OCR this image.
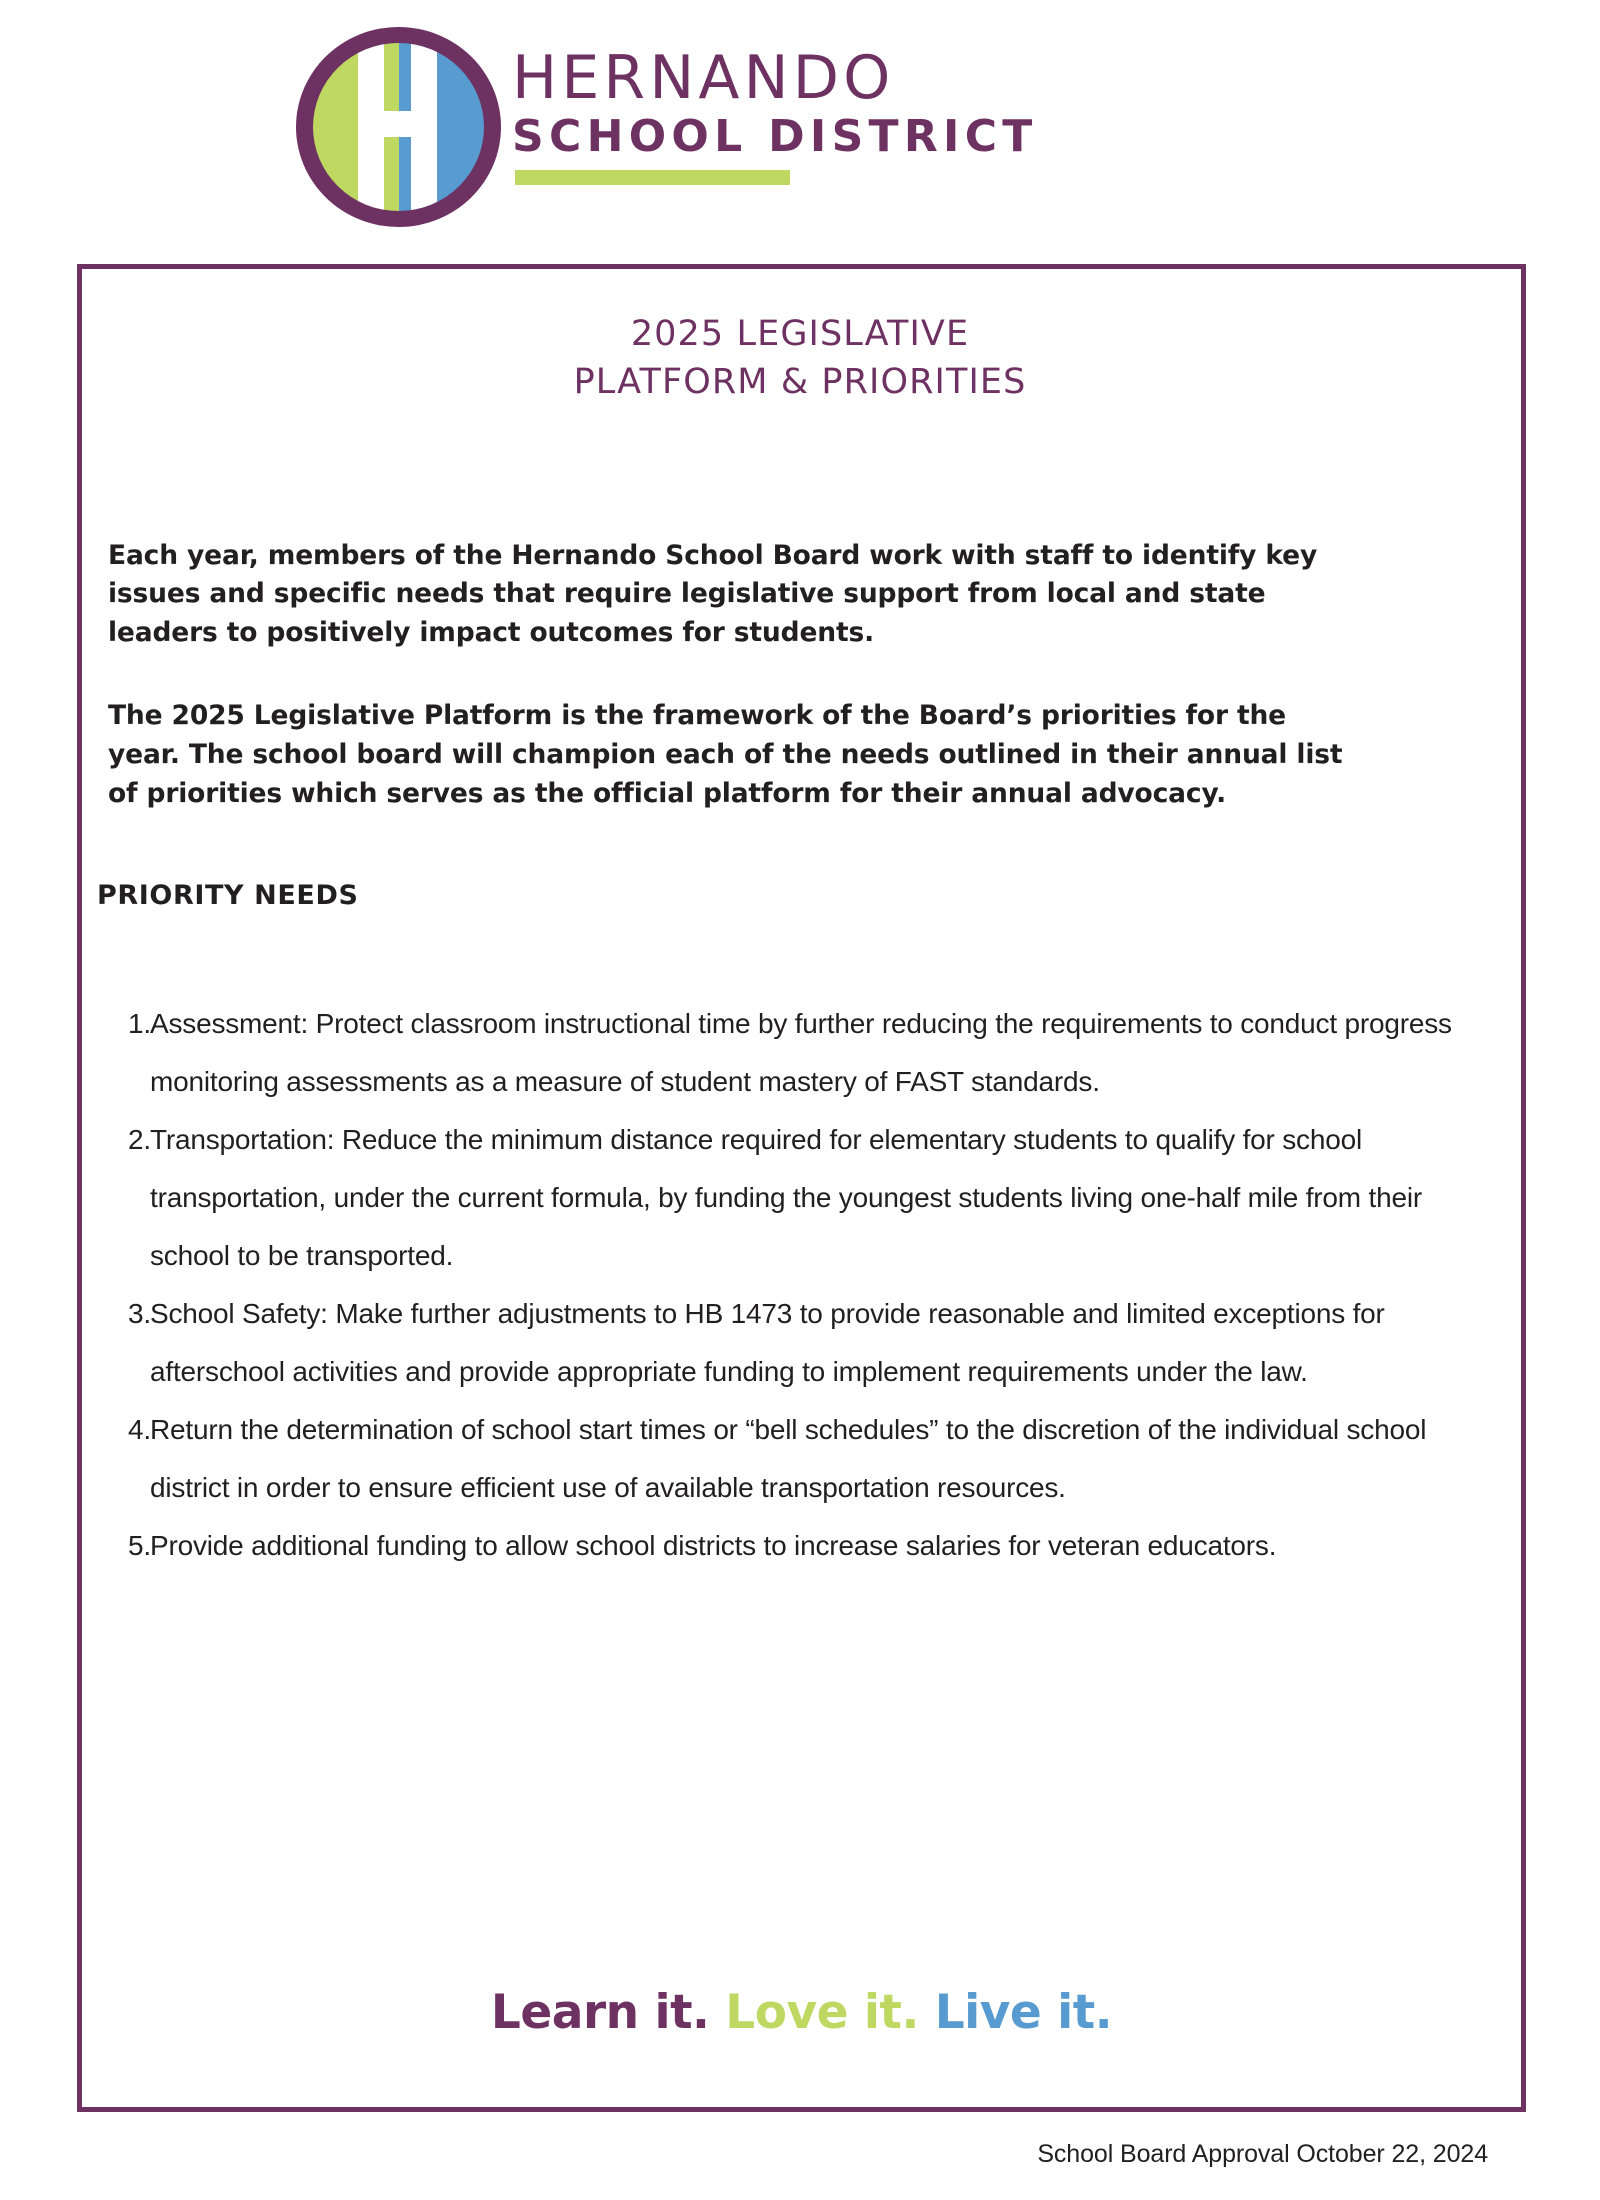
HERNANDO
SCHOOL DISTRICT
2025 LEGISLATIVE
PLATFORM & PRIORITIES

Each year, members of the Hernando School Board work with staff to identify key issues and specific needs that require legislative support from local and state leaders to positively impact outcomes for students.

The 2025 Legislative Platform is the framework of the Board’s priorities for the year. The school board will champion each of the needs outlined in their annual list of priorities which serves as the official platform for their annual advocacy.

PRIORITY NEEDS
1. Assessment: Protect classroom instructional time by further reducing the requirements to conduct progress monitoring assessments as a measure of student mastery of FAST standards.
2. Transportation: Reduce the minimum distance required for elementary students to qualify for school transportation, under the current formula, by funding the youngest students living one-half mile from their school to be transported.
3. School Safety: Make further adjustments to HB 1473 to provide reasonable and limited exceptions for afterschool activities and provide appropriate funding to implement requirements under the law.
4. Return the determination of school start times or “bell schedules” to the discretion of the individual school district in order to ensure efficient use of available transportation resources.
5. Provide additional funding to allow school districts to increase salaries for veteran educators.
Learn it. Love it. Live it.
School Board Approval October 22, 2024
